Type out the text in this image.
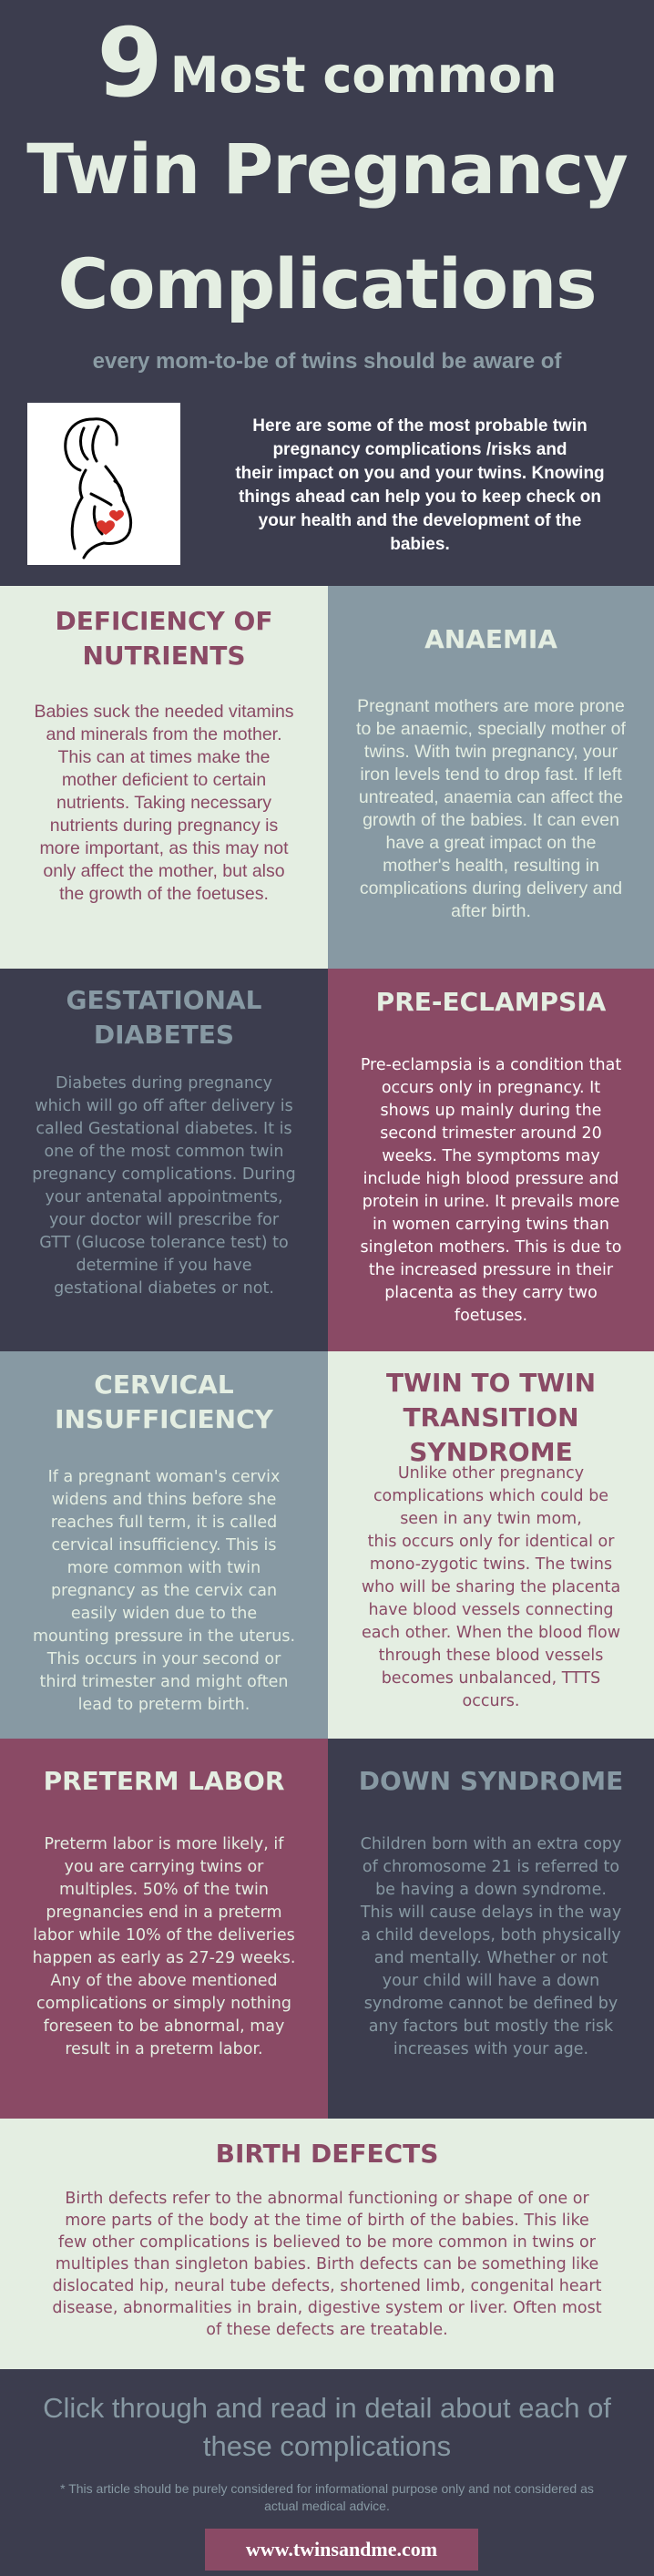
9 Most common
Twin Pregnancy
Complications
every mom-to-be of twins should be aware of
Here are some of the most probable twin
pregnancy complications /risks and
their impact on you and your twins. Knowing
things ahead can help you to keep check on
your health and the development of the
babies.
DEFICIENCY OF
NUTRIENTS
Babies suck the needed vitamins
and minerals from the mother.
This can at times make the
mother deficient to certain
nutrients. Taking necessary
nutrients during pregnancy is
more important, as this may not
only affect the mother, but also
the growth of the foetuses.
ANAEMIA
Pregnant mothers are more prone
to be anaemic, specially mother of
twins. With twin pregnancy, your
iron levels tend to drop fast. If left
untreated, anaemia can affect the
growth of the babies. It can even
have a great impact on the
mother's health, resulting in
complications during delivery and
after birth.
GESTATIONAL
DIABETES
Diabetes during pregnancy
which will go off after delivery is
called Gestational diabetes. It is
one of the most common twin
pregnancy complications. During
your antenatal appointments,
your doctor will prescribe for
GTT (Glucose tolerance test) to
determine if you have
gestational diabetes or not.
PRE-ECLAMPSIA
Pre-eclampsia is a condition that
occurs only in pregnancy. It
shows up mainly during the
second trimester around 20
weeks. The symptoms may
include high blood pressure and
protein in urine. It prevails more
in women carrying twins than
singleton mothers. This is due to
the increased pressure in their
placenta as they carry two
foetuses.
CERVICAL
INSUFFICIENCY
If a pregnant woman's cervix
widens and thins before she
reaches full term, it is called
cervical insufficiency. This is
more common with twin
pregnancy as the cervix can
easily widen due to the
mounting pressure in the uterus.
This occurs in your second or
third trimester and might often
lead to preterm birth.
TWIN TO TWIN
TRANSITION
SYNDROME
Unlike other pregnancy
complications which could be
seen in any twin mom,
this occurs only for identical or
mono-zygotic twins. The twins
who will be sharing the placenta
have blood vessels connecting
each other. When the blood flow
through these blood vessels
becomes unbalanced, TTTS
occurs.
PRETERM LABOR
Preterm labor is more likely, if
you are carrying twins or
multiples. 50% of the twin
pregnancies end in a preterm
labor while 10% of the deliveries
happen as early as 27-29 weeks.
Any of the above mentioned
complications or simply nothing
foreseen to be abnormal, may
result in a preterm labor.
DOWN SYNDROME
Children born with an extra copy
of chromosome 21 is referred to
be having a down syndrome.
This will cause delays in the way
a child develops, both physically
and mentally. Whether or not
your child will have a down
syndrome cannot be defined by
any factors but mostly the risk
increases with your age.
BIRTH DEFECTS
Birth defects refer to the abnormal functioning or shape of one or
more parts of the body at the time of birth of the babies. This like
few other complications is believed to be more common in twins or
multiples than singleton babies. Birth defects can be something like
dislocated hip, neural tube defects, shortened limb, congenital heart
disease, abnormalities in brain, digestive system or liver. Often most
of these defects are treatable.
Click through and read in detail about each of
these complications
* This article should be purely considered for informational purpose only and not considered as
actual medical advice.
www.twinsandme.com
